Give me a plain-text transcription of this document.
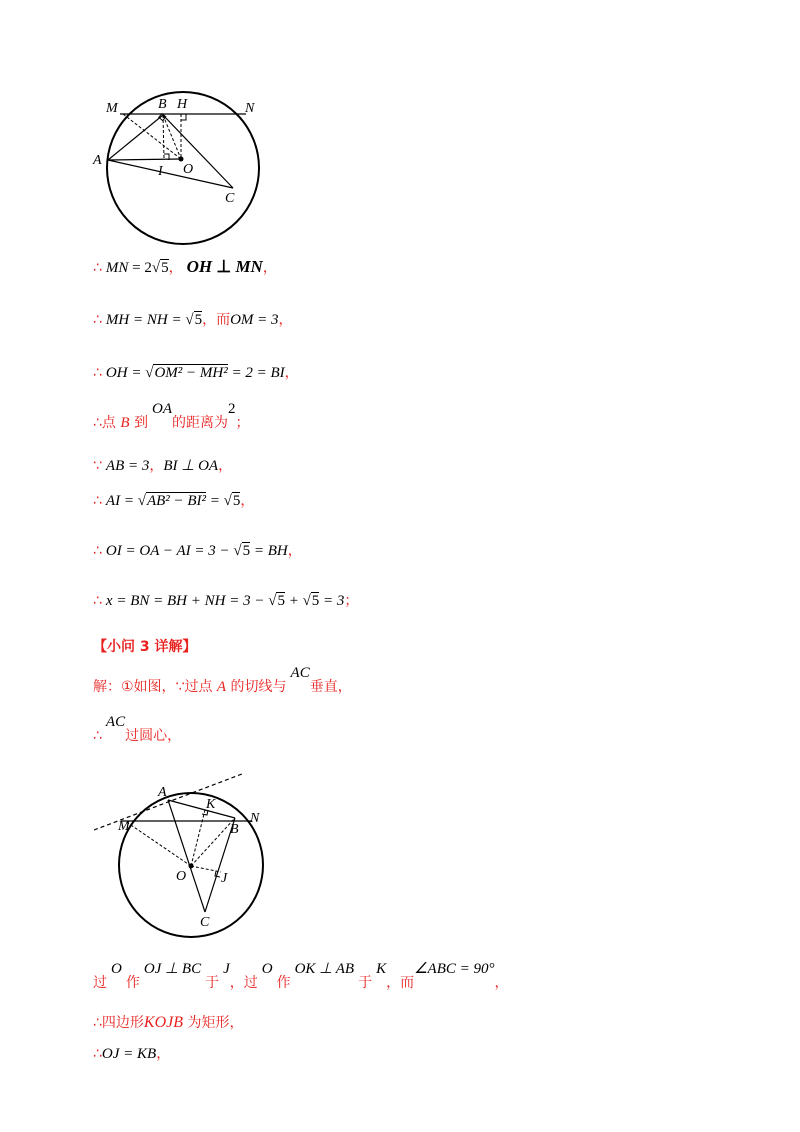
M	B H	N
A
O
I
C
∴ MN = 2√5， OH ⊥ MN，
∴ MH = NH = √5，而OM = 3，
∴ OH = √OM² − MH² = 2 = BI，
∴点 B 到 OA的距离为2；
∵ AB = 3，BI ⊥ OA，
∴ AI = √AB² − BI² = √5，
∴ OI = OA − AI = 3 − √5 = BH，
∴ x = BN = BH + NH = 3 − √5 + √5 = 3；
【小问 3 详解】
解：①如图，∵过点 A 的切线与 AC垂直，
∴ AC过圆心，
A
K
M	B
N
O J
C
过 O 作 OJ ⊥ BC 于 J，过 O 作 OK ⊥ AB 于 K，而∠ABC = 90°，
∴四边形KOJB 为矩形，
∴OJ = KB，
